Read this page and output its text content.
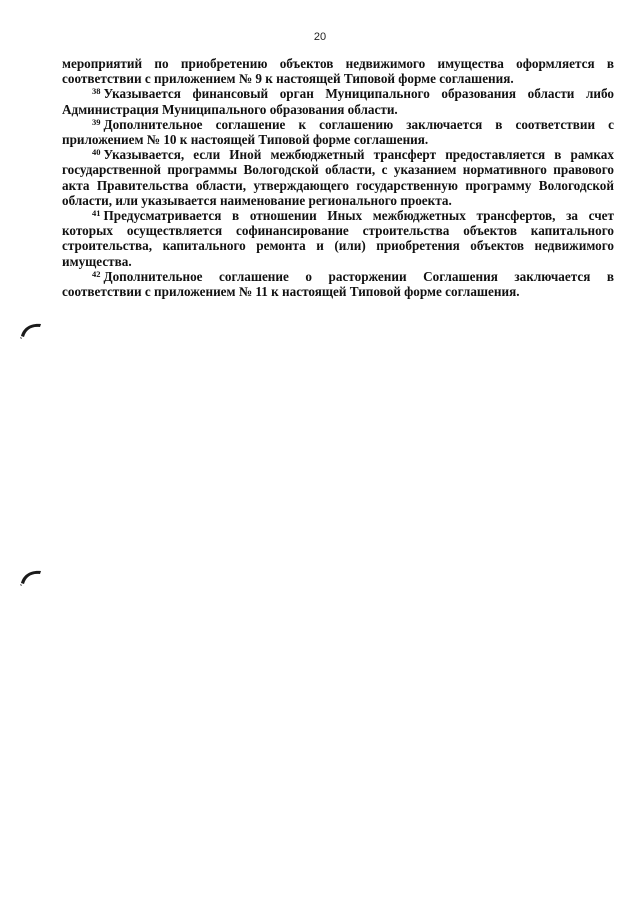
20

мероприятий по приобретению объектов недвижимого имущества оформляется в соответствии с приложением № 9 к настоящей Типовой форме соглашения.

$^{38}$ Указывается финансовый орган Муниципального образования области либо Администрация Муниципального образования области.

$^{39}$ Дополнительное соглашение к соглашению заключается в соответствии с приложением № 10 к настоящей Типовой форме соглашения.

$^{40}$ Указывается, если Иной межбюджетный трансферт предоставляется в рамках государственной программы Вологодской области, с указанием нормативного правового акта Правительства области, утверждающего государственную программу Вологодской области, или указывается наименование регионального проекта.

$^{41}$ Предусматривается в отношении Иных межбюджетных трансфертов, за счет которых осуществляется софинансирование строительства объектов капитального строительства, капитального ремонта и (или) приобретения объектов недвижимого имущества.

$^{42}$ Дополнительное соглашение о расторжении Соглашения заключается в соответствии с приложением № 11 к настоящей Типовой форме соглашения.
